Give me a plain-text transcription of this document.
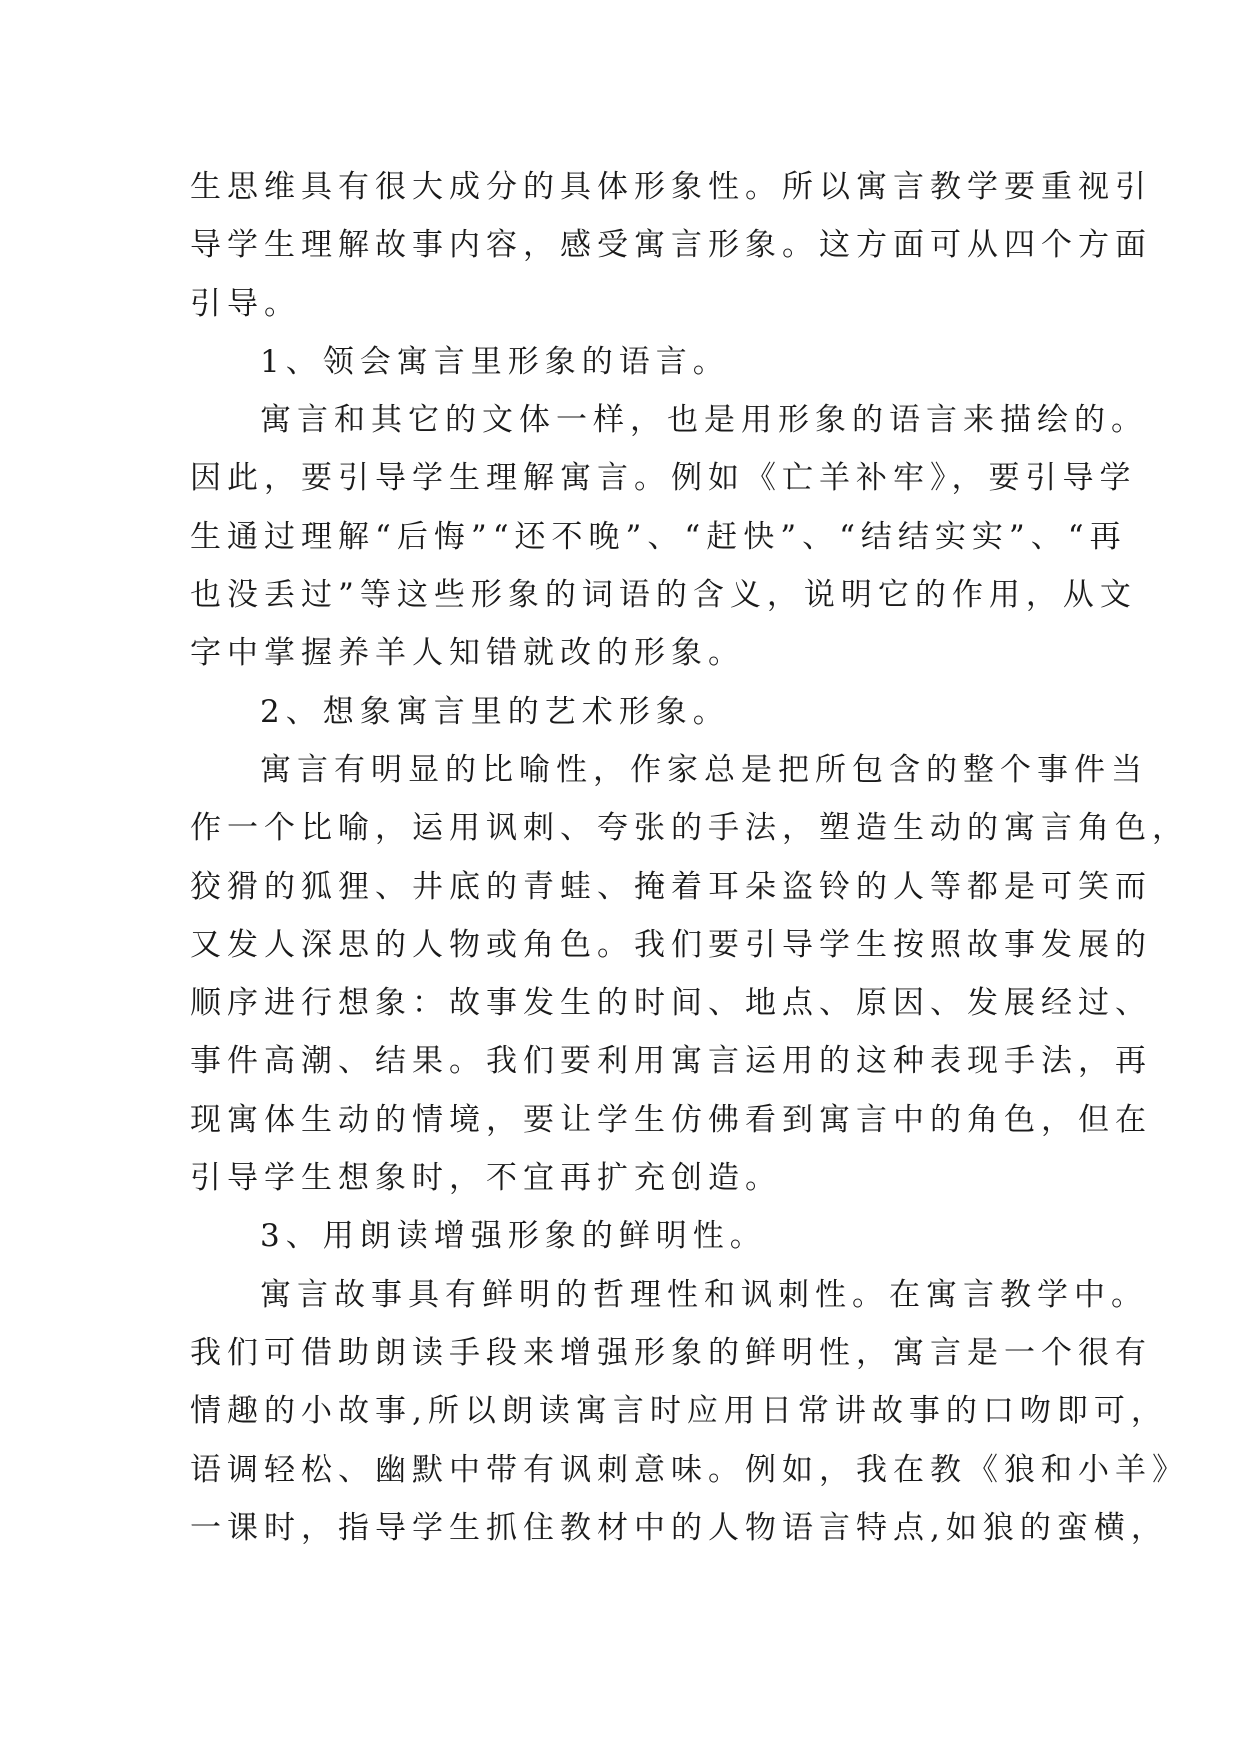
生思维具有很大成分的具体形象性。所以寓言教学要重视引
导学生理解故事内容，感受寓言形象。这方面可从四个方面
引导。
1、领会寓言里形象的语言。
寓言和其它的文体一样，也是用形象的语言来描绘的。
因此，要引导学生理解寓言。例如《亡羊补牢》，要引导学
生通过理解“后悔”“还不晚”、“赶快”、“结结实实”、“再
也没丢过”等这些形象的词语的含义，说明它的作用，从文
字中掌握养羊人知错就改的形象。
2、想象寓言里的艺术形象。
寓言有明显的比喻性，作家总是把所包含的整个事件当
作一个比喻，运用讽刺、夸张的手法，塑造生动的寓言角色，
狡猾的狐狸、井底的青蛙、掩着耳朵盗铃的人等都是可笑而
又发人深思的人物或角色。我们要引导学生按照故事发展的
顺序进行想象：故事发生的时间、地点、原因、发展经过、
事件高潮、结果。我们要利用寓言运用的这种表现手法，再
现寓体生动的情境，要让学生仿佛看到寓言中的角色，但在
引导学生想象时，不宜再扩充创造。
3、用朗读增强形象的鲜明性。
寓言故事具有鲜明的哲理性和讽刺性。在寓言教学中。
我们可借助朗读手段来增强形象的鲜明性，寓言是一个很有
情趣的小故事,所以朗读寓言时应用日常讲故事的口吻即可，
语调轻松、幽默中带有讽刺意味。例如，我在教《狼和小羊》
一课时，指导学生抓住教材中的人物语言特点,如狼的蛮横，
